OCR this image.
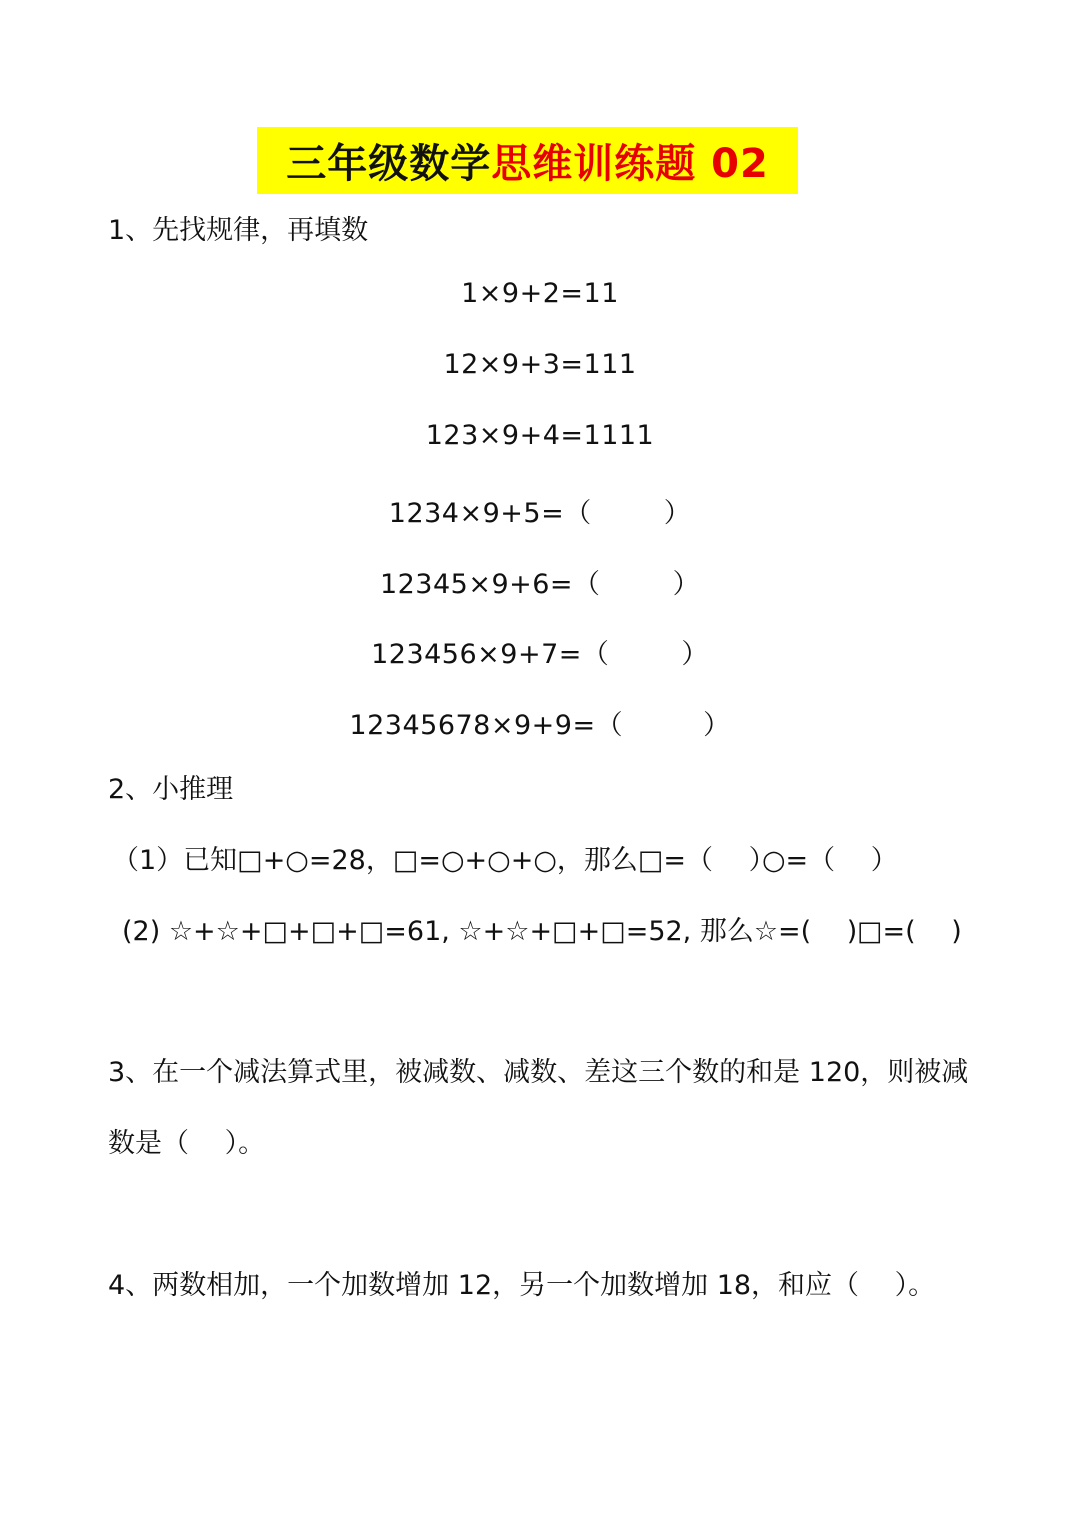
三年级数学 思维训练题 02
1、先找规律，再填数
1×9+2=11
12×9+3=111
123×9+4=1111
1234×9+5=（	）
12345×9+6=（	）
123456×9+7=（	）
12345678×9+9=（	）
2、小推理
（1）已知□+○=28，□=○+○+○，那么□=（　 ）
○=（　 ）
(2) ☆+☆+□+□+□=61, ☆+☆+□+□=52, 那么☆=(　 ) □=(　 )
3、在一个减法算式里，被减数、减数、差这三个数的和是 120，则被减
数是（　 ）。
4、两数相加，一个加数增加 12，另一个加数增加 18，和应（　 ）。
